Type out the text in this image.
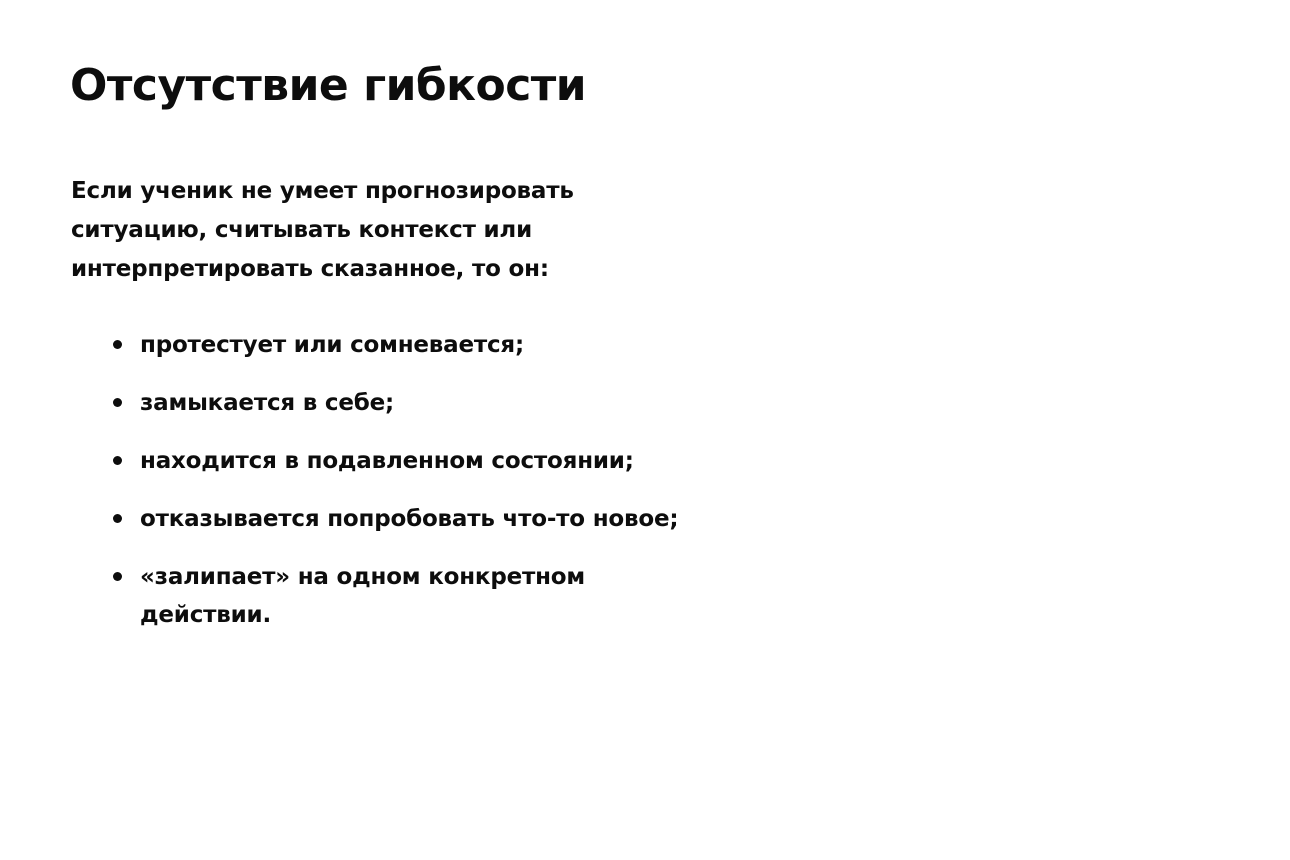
Отсутствие гибкости

Если ученик не умеет прогнозировать ситуацию, считывать контекст или интерпретировать сказанное, то он:

протестует или сомневается;
замыкается в себе;
находится в подавленном состоянии;
отказывается попробовать что-то новое;
«залипает» на одном конкретном действии.
